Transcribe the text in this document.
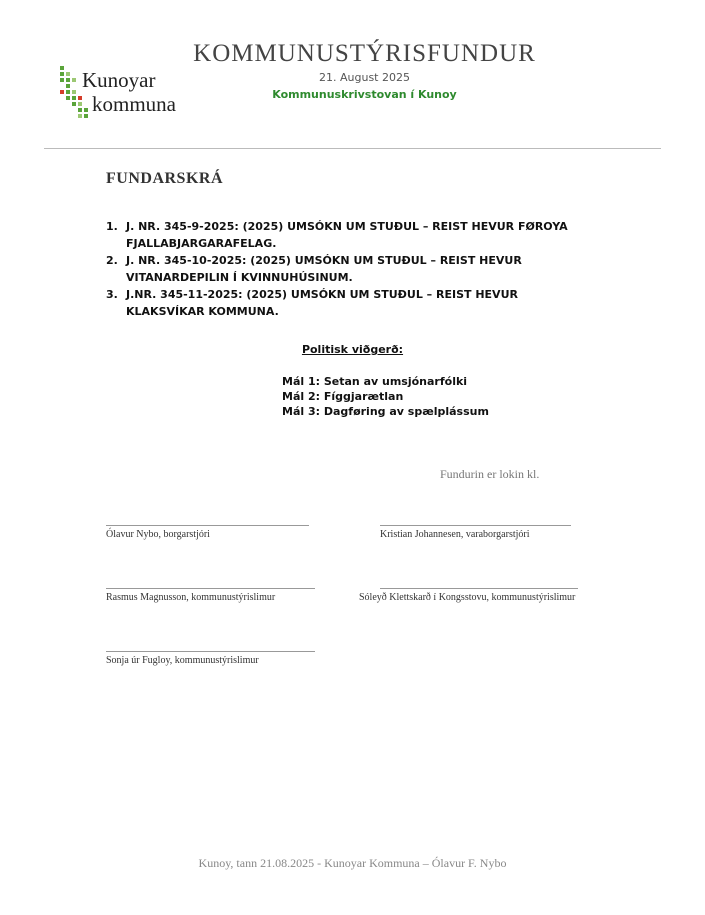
Kunoyar
kommuna
KOMMUNUSTÝRISFUNDUR
21. August 2025
Kommunuskrivstovan í Kunoy
FUNDARSKRÁ
1. J. NR. 345-9-2025: (2025) UMSÓKN UM STUÐUL – REIST HEVUR FØROYA FJALLABJARGARAFELAG.
2. J. NR. 345-10-2025: (2025) UMSÓKN UM STUÐUL – REIST HEVUR VITANARDEPILIN Í KVINNUHÚSINUM.
3. J.NR. 345-11-2025: (2025) UMSÓKN UM STUÐUL – REIST HEVUR KLAKSVÍKAR KOMMUNA.
Politisk viðgerð:
Mál 1: Setan av umsjónarfólki
Mál 2: Fíggjarætlan
Mál 3: Dagføring av spælplássum
Fundurin er lokin kl.
Ólavur Nybo, borgarstjóri	Kristian Johannesen, varaborgarstjóri
Rasmus Magnusson, kommunustýrislimur	Sóleyð Klettskarð í Kongsstovu, kommunustýrislimur
Sonja úr Fugloy, kommunustýrislimur
Kunoy, tann 21.08.2025 - Kunoyar Kommuna – Ólavur F. Nybo
